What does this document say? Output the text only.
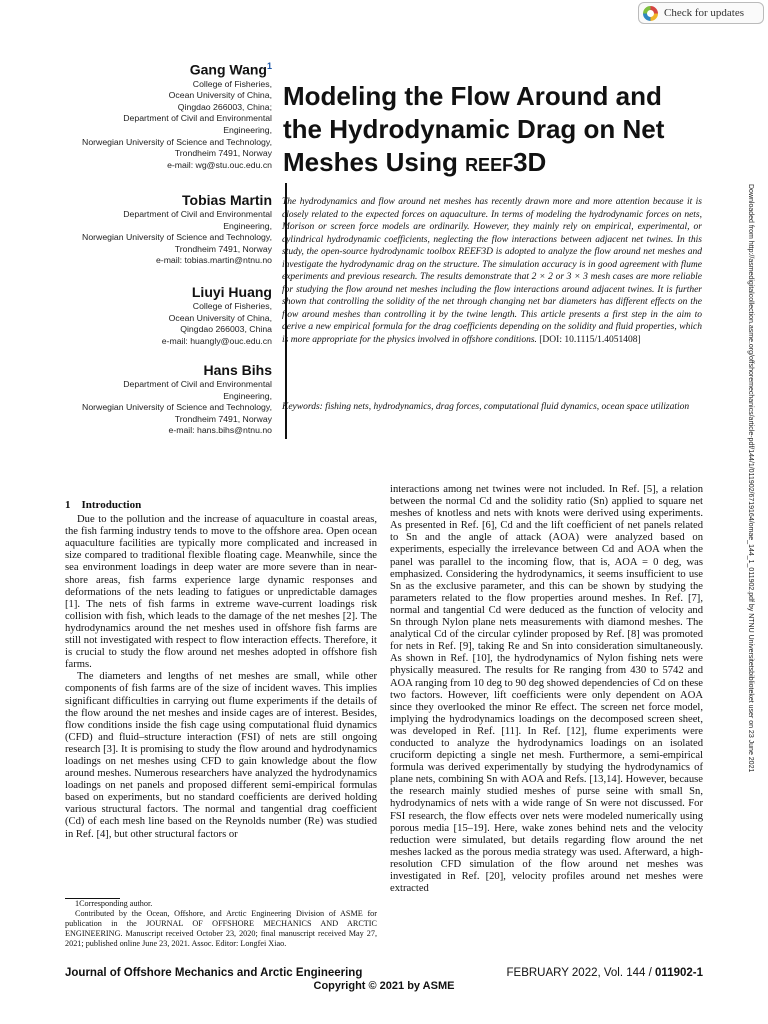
Check for updates
Gang Wang$^1$
College of Fisheries,
Ocean University of China,
Qingdao 266003, China;
Department of Civil and Environmental
Engineering,
Norwegian University of Science and Technology,
Trondheim 7491, Norway
e-mail: wg@stu.ouc.edu.cn
Tobias Martin
Department of Civil and Environmental
Engineering,
Norwegian University of Science and Technology,
Trondheim 7491, Norway
e-mail: tobias.martin@ntnu.no
Liuyi Huang
College of Fisheries,
Ocean University of China,
Qingdao 266003, China
e-mail: huangly@ouc.edu.cn
Hans Bihs
Department of Civil and Environmental
Engineering,
Norwegian University of Science and Technology,
Trondheim 7491, Norway
e-mail: hans.bihs@ntnu.no
Modeling the Flow Around and
the Hydrodynamic Drag on Net
Meshes Using REEF3D
The hydrodynamics and flow around net meshes has recently drawn more and more attention because it is closely related to the expected forces on aquaculture. In terms of modeling the hydrodynamic forces on nets, Morison or screen force models are ordinarily. However, they mainly rely on empirical, experimental, or cylindrical hydrodynamic coefficients, neglecting the flow interactions between adjacent net twines. In this study, the open-source hydrodynamic toolbox REEF3D is adopted to analyze the flow around net meshes and investigate the hydrodynamic drag on the structure. The simulation accuracy is in good agreement with flume experiments and previous research. The results demonstrate that 2 × 2 or 3 × 3 mesh cases are more reliable for studying the flow around net meshes including the flow interactions around adjacent twines. It is further shown that controlling the solidity of the net through changing net bar diameters has different effects on the flow around meshes than controlling it by the twine length. This article presents a first step in the aim to derive a new empirical formula for the drag coefficients depending on the solidity and fluid properties, which is more appropriate for the physics involved in offshore conditions. [DOI: 10.1115/1.4051408]
Keywords: fishing nets, hydrodynamics, drag forces, computational fluid dynamics, ocean space utilization	Downloaded from http://asmedigitalcollection.asme.org/offshoremechanics/article-pdf/144/1/011902/6719164/omae_144_1_011902.pdf by NTNU Universitetsbiblioteket user on 23 June 2021

1 Introduction

Due to the pollution and the increase of aquaculture in coastal areas, the fish farming industry tends to move to the offshore area. Open ocean aquaculture facilities are typically more complicated and increased in size compared to traditional flexible floating cage. Meanwhile, since the sea environment loadings in deep water are more severe than in near-shore areas, fish farms experience large dynamic responses and deformations of the nets leading to fatigues or unpredictable damages [1]. The nets of fish farms in extreme wave-current loadings risk collision with fish, which leads to the damage of the net meshes [2]. The hydrodynamics around the net meshes used in offshore fish farms are still not investigated with respect to flow interaction effects. Therefore, it is crucial to study the flow around net meshes adopted in offshore fish farms.

The diameters and lengths of net meshes are small, while other components of fish farms are of the size of incident waves. This implies significant difficulties in carrying out flume experiments if the details of the flow around the net meshes and inside cages are of interest. Besides, flow conditions inside the fish cage using computational fluid dynamics (CFD) and fluid–structure interaction (FSI) of nets are still ongoing research [3]. It is promising to study the flow around and hydrodynamics loadings on net meshes using CFD to gain knowledge about the flow around meshes. Numerous researchers have analyzed the hydrodynamics loadings on net panels and proposed different semi-empirical formulas based on experiments, but no standard coefficients are derived holding various structural factors. The normal and tangential drag coefficient (Cd) of each mesh line based on the Reynolds number (Re) was studied in Ref. [4], but other structural factors or

interactions among net twines were not included. In Ref. [5], a relation between the normal Cd and the solidity ratio (Sn) applied to square net meshes of knotless and nets with knots were derived using experiments. As presented in Ref. [6], Cd and the lift coefficient of net panels related to Sn and the angle of attack (AOA) were analyzed based on experiments, especially the irrelevance between Cd and AOA when the panel was parallel to the incoming flow, that is, AOA = 0 deg, was emphasized. Considering the hydrodynamics, it seems insufficient to use Sn as the exclusive parameter, and this can be shown by studying the parameters related to the flow properties around meshes. In Ref. [7], normal and tangential Cd were deduced as the function of velocity and Sn through Nylon plane nets measurements with diamond meshes. The analytical Cd of the circular cylinder proposed by Ref. [8] was promoted for nets in Ref. [9], taking Re and Sn into consideration simultaneously. As shown in Ref. [10], the hydrodynamics of Nylon fishing nets were physically measured. The results for Re ranging from 430 to 5742 and AOA ranging from 10 deg to 90 deg showed dependencies of Cd on these two factors. However, lift coefficients were only dependent on AOA since they overlooked the minor Re effect. The screen net force model, implying the hydrodynamics loadings on the decomposed screen sheet, was developed in Ref. [11]. In Ref. [12], flume experiments were conducted to analyze the hydrodynamics loadings on an isolated cruciform depicting a single net mesh. Furthermore, a semi-empirical formula was derived experimentally by studying the hydrodynamics of plane nets, combining Sn with AOA and Refs. [13,14]. However, because the research mainly studied meshes of purse seine with small Sn, hydrodynamics of nets with a wide range of Sn were not discussed. For FSI research, the flow effects over nets were modeled numerically using porous media [15–19]. Here, wake zones behind nets and the velocity reduction were simulated, but details regarding flow around the net meshes lacked as the porous media strategy was used. Afterward, a high-resolution CFD simulation of the flow around net meshes was investigated in Ref. [20], velocity profiles around net meshes were extracted

1Corresponding author.

Contributed by the Ocean, Offshore, and Arctic Engineering Division of ASME for publication in the JOURNAL OF OFFSHORE MECHANICS AND ARCTIC ENGINEERING. Manuscript received October 23, 2020; final manuscript received May 27, 2021; published online June 23, 2021. Assoc. Editor: Longfei Xiao.

Journal of Offshore Mechanics and Arctic Engineering	FEBRUARY 2022, Vol. 144 / 011902-1
Copyright © 2021 by ASME
